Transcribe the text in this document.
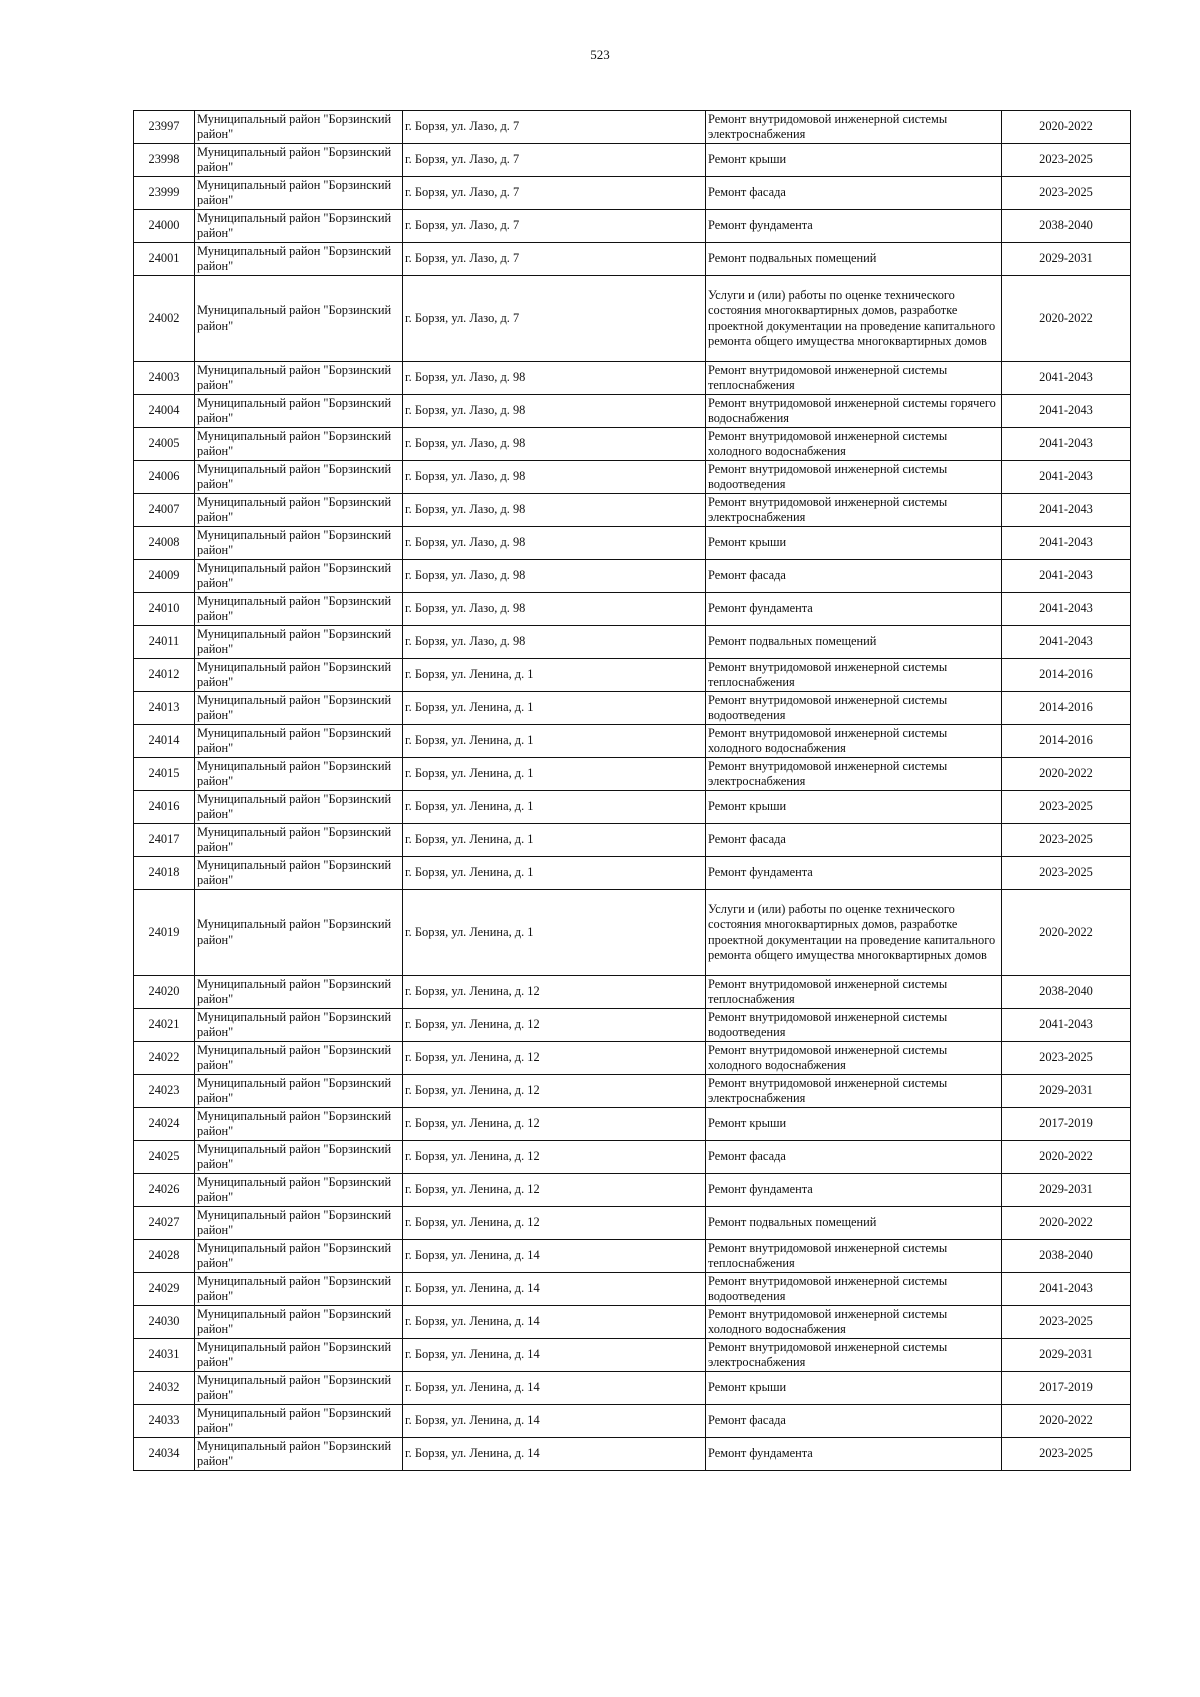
523
23997	Муниципальный район "Борзинский район"	г. Борзя, ул. Лазо, д. 7	Ремонт внутридомовой инженерной системы электроснабжения	2020-2022
23998	Муниципальный район "Борзинский район"	г. Борзя, ул. Лазо, д. 7	Ремонт крыши	2023-2025
23999	Муниципальный район "Борзинский район"	г. Борзя, ул. Лазо, д. 7	Ремонт фасада	2023-2025
24000	Муниципальный район "Борзинский район"	г. Борзя, ул. Лазо, д. 7	Ремонт фундамента	2038-2040
24001	Муниципальный район "Борзинский район"	г. Борзя, ул. Лазо, д. 7	Ремонт подвальных помещений	2029-2031
24002	Муниципальный район "Борзинский район"	г. Борзя, ул. Лазо, д. 7	Услуги и (или) работы по оценке технического состояния многоквартирных домов, разработке проектной документации на проведение капитального ремонта общего имущества многоквартирных домов	2020-2022
24003	Муниципальный район "Борзинский район"	г. Борзя, ул. Лазо, д. 98	Ремонт внутридомовой инженерной системы теплоснабжения	2041-2043
24004	Муниципальный район "Борзинский район"	г. Борзя, ул. Лазо, д. 98	Ремонт внутридомовой инженерной системы горячего водоснабжения	2041-2043
24005	Муниципальный район "Борзинский район"	г. Борзя, ул. Лазо, д. 98	Ремонт внутридомовой инженерной системы холодного водоснабжения	2041-2043
24006	Муниципальный район "Борзинский район"	г. Борзя, ул. Лазо, д. 98	Ремонт внутридомовой инженерной системы водоотведения	2041-2043
24007	Муниципальный район "Борзинский район"	г. Борзя, ул. Лазо, д. 98	Ремонт внутридомовой инженерной системы электроснабжения	2041-2043
24008	Муниципальный район "Борзинский район"	г. Борзя, ул. Лазо, д. 98	Ремонт крыши	2041-2043
24009	Муниципальный район "Борзинский район"	г. Борзя, ул. Лазо, д. 98	Ремонт фасада	2041-2043
24010	Муниципальный район "Борзинский район"	г. Борзя, ул. Лазо, д. 98	Ремонт фундамента	2041-2043
24011	Муниципальный район "Борзинский район"	г. Борзя, ул. Лазо, д. 98	Ремонт подвальных помещений	2041-2043
24012	Муниципальный район "Борзинский район"	г. Борзя, ул. Ленина, д. 1	Ремонт внутридомовой инженерной системы теплоснабжения	2014-2016
24013	Муниципальный район "Борзинский район"	г. Борзя, ул. Ленина, д. 1	Ремонт внутридомовой инженерной системы водоотведения	2014-2016
24014	Муниципальный район "Борзинский район"	г. Борзя, ул. Ленина, д. 1	Ремонт внутридомовой инженерной системы холодного водоснабжения	2014-2016
24015	Муниципальный район "Борзинский район"	г. Борзя, ул. Ленина, д. 1	Ремонт внутридомовой инженерной системы электроснабжения	2020-2022
24016	Муниципальный район "Борзинский район"	г. Борзя, ул. Ленина, д. 1	Ремонт крыши	2023-2025
24017	Муниципальный район "Борзинский район"	г. Борзя, ул. Ленина, д. 1	Ремонт фасада	2023-2025
24018	Муниципальный район "Борзинский район"	г. Борзя, ул. Ленина, д. 1	Ремонт фундамента	2023-2025
24019	Муниципальный район "Борзинский район"	г. Борзя, ул. Ленина, д. 1	Услуги и (или) работы по оценке технического состояния многоквартирных домов, разработке проектной документации на проведение капитального ремонта общего имущества многоквартирных домов	2020-2022
24020	Муниципальный район "Борзинский район"	г. Борзя, ул. Ленина, д. 12	Ремонт внутридомовой инженерной системы теплоснабжения	2038-2040
24021	Муниципальный район "Борзинский район"	г. Борзя, ул. Ленина, д. 12	Ремонт внутридомовой инженерной системы водоотведения	2041-2043
24022	Муниципальный район "Борзинский район"	г. Борзя, ул. Ленина, д. 12	Ремонт внутридомовой инженерной системы холодного водоснабжения	2023-2025
24023	Муниципальный район "Борзинский район"	г. Борзя, ул. Ленина, д. 12	Ремонт внутридомовой инженерной системы электроснабжения	2029-2031
24024	Муниципальный район "Борзинский район"	г. Борзя, ул. Ленина, д. 12	Ремонт крыши	2017-2019
24025	Муниципальный район "Борзинский район"	г. Борзя, ул. Ленина, д. 12	Ремонт фасада	2020-2022
24026	Муниципальный район "Борзинский район"	г. Борзя, ул. Ленина, д. 12	Ремонт фундамента	2029-2031
24027	Муниципальный район "Борзинский район"	г. Борзя, ул. Ленина, д. 12	Ремонт подвальных помещений	2020-2022
24028	Муниципальный район "Борзинский район"	г. Борзя, ул. Ленина, д. 14	Ремонт внутридомовой инженерной системы теплоснабжения	2038-2040
24029	Муниципальный район "Борзинский район"	г. Борзя, ул. Ленина, д. 14	Ремонт внутридомовой инженерной системы водоотведения	2041-2043
24030	Муниципальный район "Борзинский район"	г. Борзя, ул. Ленина, д. 14	Ремонт внутридомовой инженерной системы холодного водоснабжения	2023-2025
24031	Муниципальный район "Борзинский район"	г. Борзя, ул. Ленина, д. 14	Ремонт внутридомовой инженерной системы электроснабжения	2029-2031
24032	Муниципальный район "Борзинский район"	г. Борзя, ул. Ленина, д. 14	Ремонт крыши	2017-2019
24033	Муниципальный район "Борзинский район"	г. Борзя, ул. Ленина, д. 14	Ремонт фасада	2020-2022
24034	Муниципальный район "Борзинский район"	г. Борзя, ул. Ленина, д. 14	Ремонт фундамента	2023-2025
